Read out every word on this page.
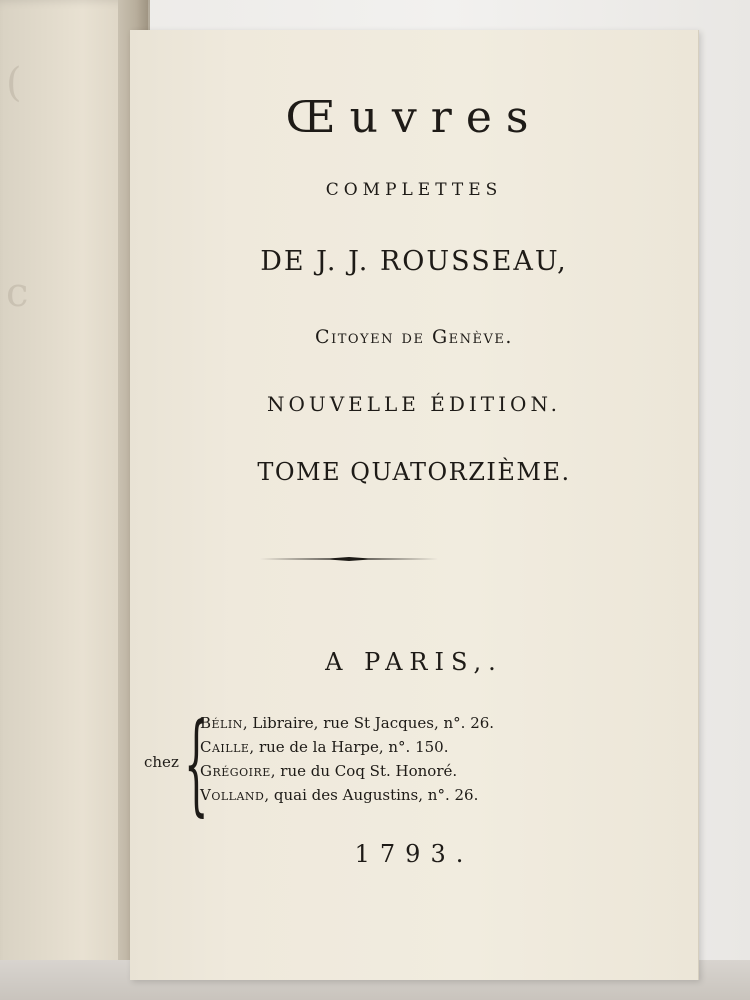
(
c
Œuvres
COMPLETTES
DE J. J. ROUSSEAU,
Citoyen de Genève.
NOUVELLE ÉDITION.
TOME QUATORZIÈME.
A PARIS,.
chez {
Bélin, Libraire, rue St Jacques, n°. 26.
Caille, rue de la Harpe, n°. 150.
Grégoire, rue du Coq St. Honoré.
Volland, quai des Augustins, n°. 26.
1793.
